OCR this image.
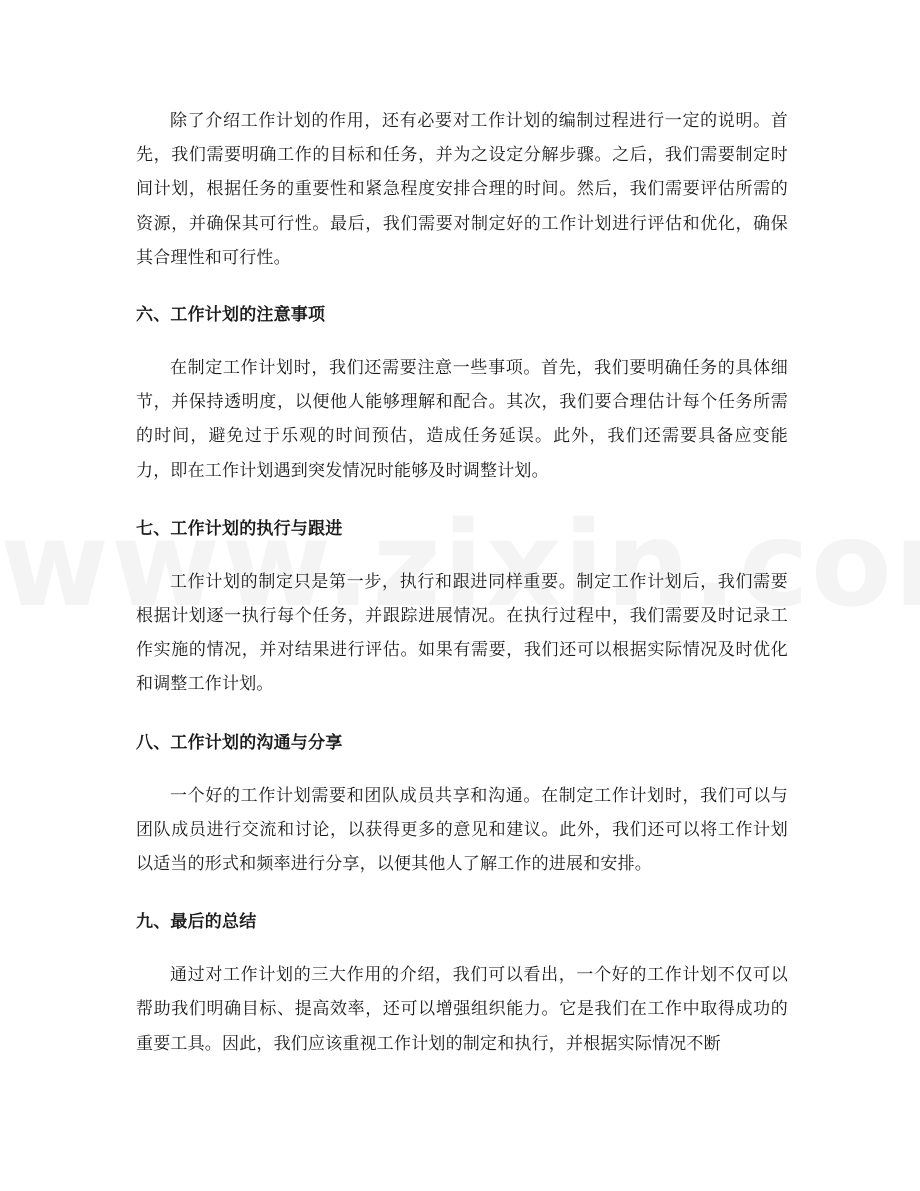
除了介绍工作计划的作用，还有必要对工作计划的编制过程进行一定的说明。首先，我们需要明确工作的目标和任务，并为之设定分解步骤。之后，我们需要制定时间计划，根据任务的重要性和紧急程度安排合理的时间。然后，我们需要评估所需的资源，并确保其可行性。最后，我们需要对制定好的工作计划进行评估和优化，确保其合理性和可行性。

六、工作计划的注意事项

在制定工作计划时，我们还需要注意一些事项。首先，我们要明确任务的具体细节，并保持透明度，以便他人能够理解和配合。其次，我们要合理估计每个任务所需的时间，避免过于乐观的时间预估，造成任务延误。此外，我们还需要具备应变能力，即在工作计划遇到突发情况时能够及时调整计划。

七、工作计划的执行与跟进

工作计划的制定只是第一步，执行和跟进同样重要。制定工作计划后，我们需要根据计划逐一执行每个任务，并跟踪进展情况。在执行过程中，我们需要及时记录工作实施的情况，并对结果进行评估。如果有需要，我们还可以根据实际情况及时优化和调整工作计划。

八、工作计划的沟通与分享

一个好的工作计划需要和团队成员共享和沟通。在制定工作计划时，我们可以与团队成员进行交流和讨论，以获得更多的意见和建议。此外，我们还可以将工作计划以适当的形式和频率进行分享，以便其他人了解工作的进展和安排。

九、最后的总结

通过对工作计划的三大作用的介绍，我们可以看出，一个好的工作计划不仅可以帮助我们明确目标、提高效率，还可以增强组织能力。它是我们在工作中取得成功的重要工具。因此，我们应该重视工作计划的制定和执行，并根据实际情况不断
